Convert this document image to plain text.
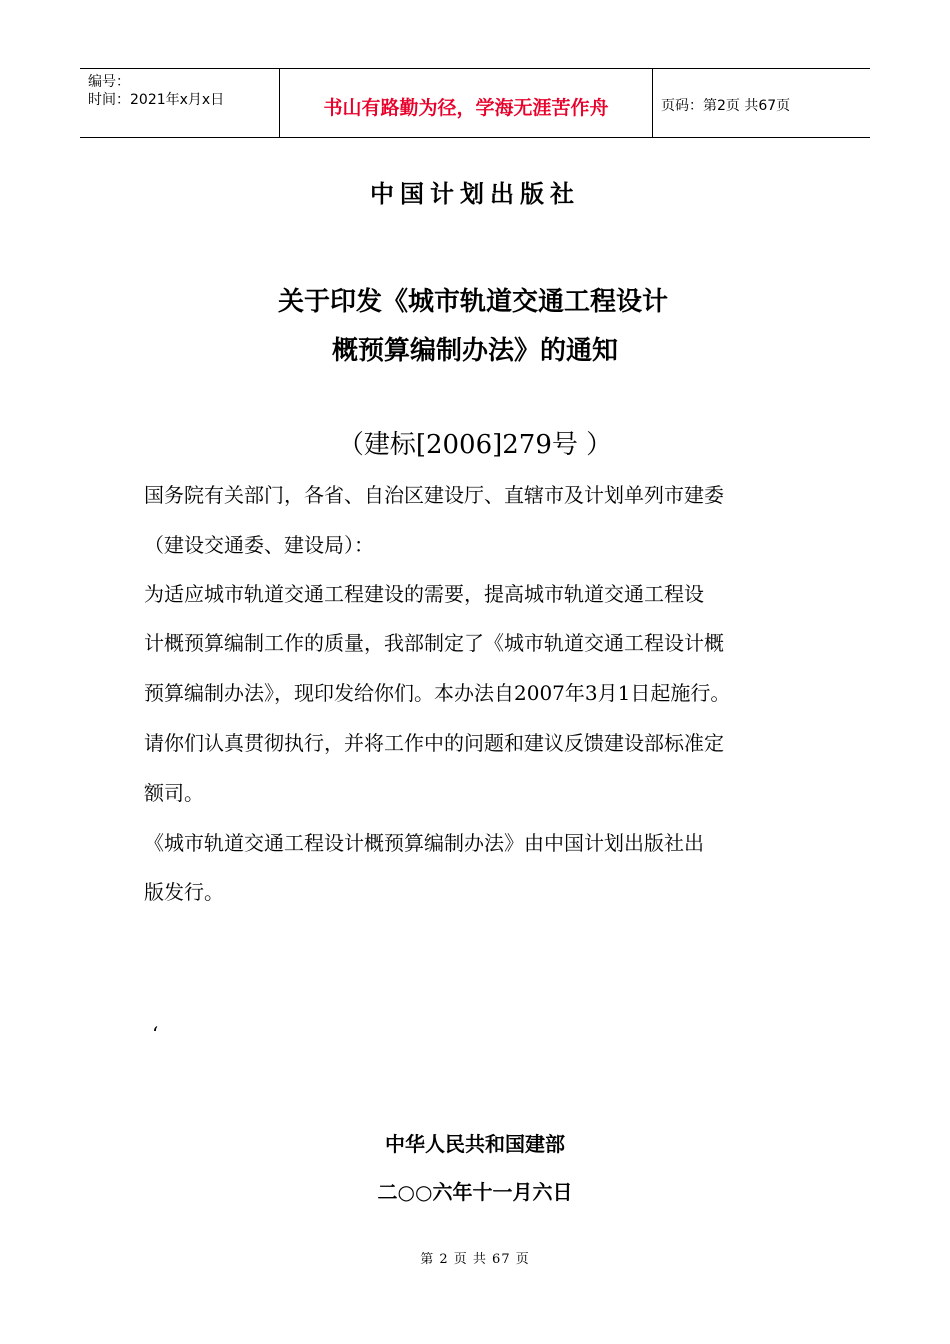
编号：
时间：2021年x月x日	书山有路勤为径，学海无涯苦作舟	页码：第2页 共67页
中国计划出版社
关于印发《城市轨道交通工程设计
概预算编制办法》的通知
（建标[2006]279号 ）
国务院有关部门，各省、自治区建设厅、直辖市及计划单列市建委
（建设交通委、建设局）：
为适应城市轨道交通工程建设的需要，提高城市轨道交通工程设
计概预算编制工作的质量，我部制定了《城市轨道交通工程设计概
预算编制办法》，现印发给你们。本办法自2007年3月1日起施行。
请你们认真贯彻执行，并将工作中的问题和建议反馈建设部标准定
额司。
《城市轨道交通工程设计概预算编制办法》由中国计划出版社出
版发行。
‘
中华人民共和国建部
二○○六年十一月六日
第 2 页 共 67 页
